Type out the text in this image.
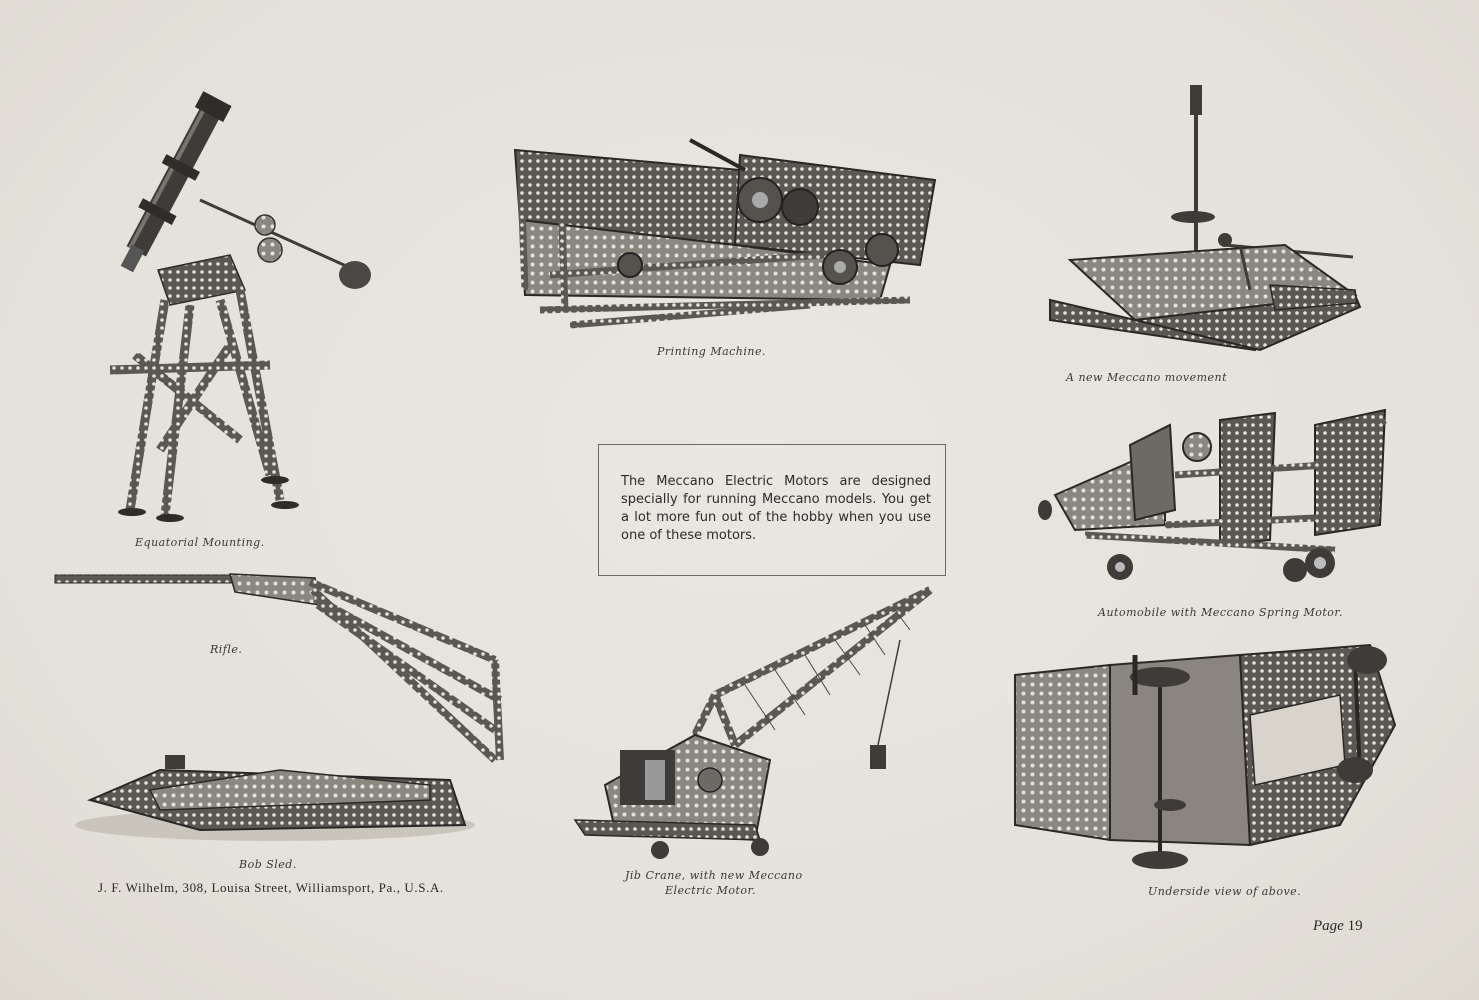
Equatorial Mounting.
Printing Machine.
A new Meccano movement

The Meccano Electric Motors are designed specially for running Meccano models. You get a lot more fun out of the hobby when you use one of these motors.

Automobile with Meccano Spring Motor.
Rifle.
Bob Sled.
J. F. Wilhelm, 308, Louisa Street, Williamsport, Pa., U.S.A.
Jib Crane, with new Meccano
Electric Motor.	Underside view of above.
Page 19
